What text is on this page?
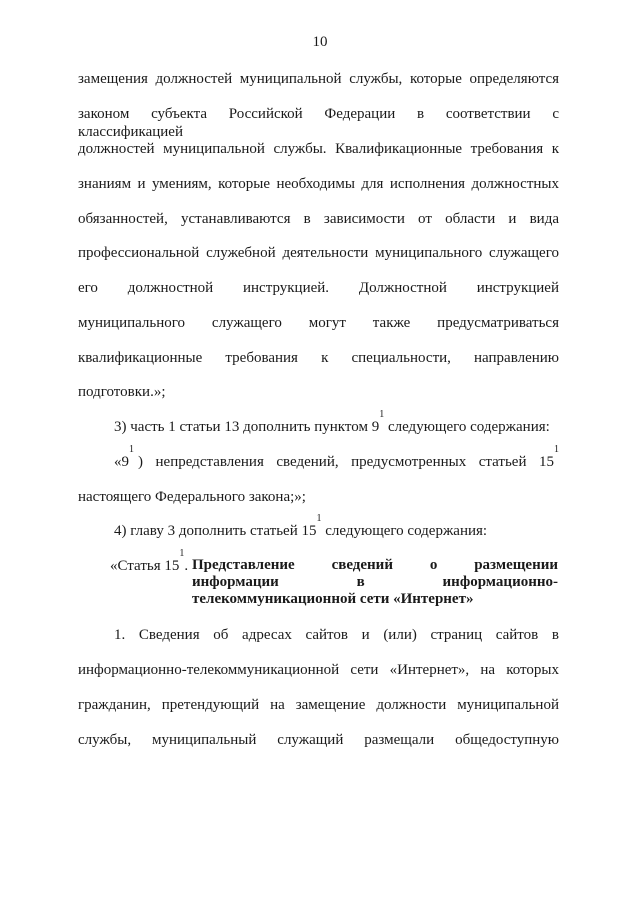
10
замещения должностей муниципальной службы, которые определяются
законом субъекта Российской Федерации в соответствии с классификацией
должностей муниципальной службы. Квалификационные требования к
знаниям и умениям, которые необходимы для исполнения должностных
обязанностей, устанавливаются в зависимости от области и вида
профессиональной служебной деятельности муниципального служащего
его должностной инструкцией. Должностной инструкцией
муниципального служащего могут также предусматриваться
квалификационные требования к специальности, направлению
подготовки.»;
3) часть 1 статьи 13 дополнить пунктом $9^1$ следующего содержания:
«$9^1$
) непредставления сведений, предусмотренных статьей 15
$^1$
настоящего Федерального закона;»;
4) главу 3 дополнить статьей $15^1$ следующего содержания:
«Статья $15^1$. Представление сведений о размещении
информации в информационно-
телекоммуникационной сети «Интернет»
1. Сведения об адресах сайтов и (или) страниц сайтов в
информационно-телекоммуникационной сети «Интернет», на которых
гражданин, претендующий на замещение должности муниципальной
службы, муниципальный служащий размещали общедоступную
